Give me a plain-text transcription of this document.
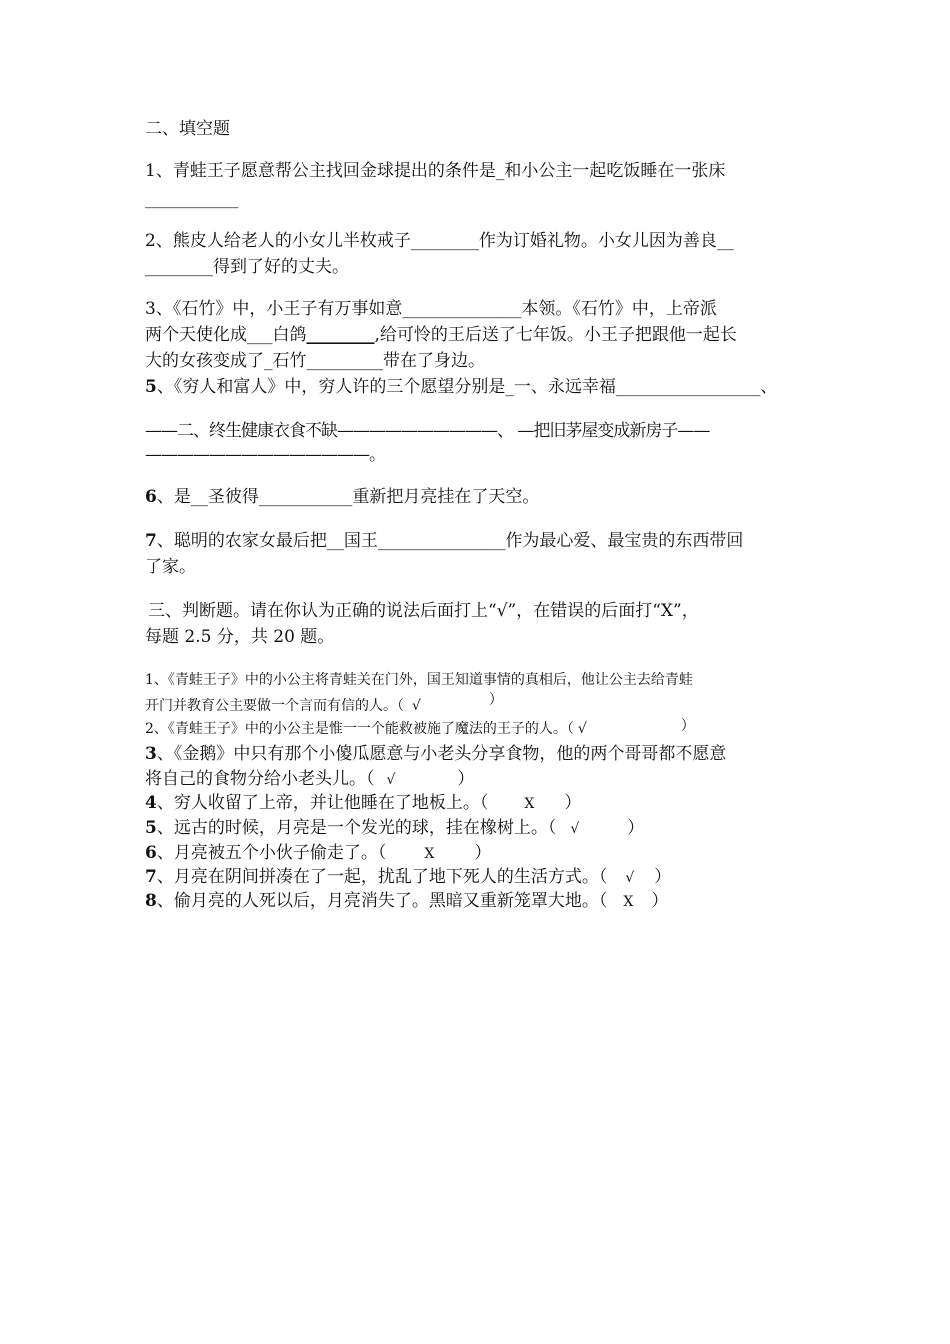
二、填空题
1、青蛙王子愿意帮公主找回金球提出的条件是_和小公主一起吃饭睡在一张床
___________
2、熊皮人给老人的小女儿半枚戒子________作为订婚礼物。小女儿因为善良__
________得到了好的丈夫。
3、《石竹》中，小王子有万事如意______________本领。《石竹》中，上帝派
两个天使化成___白鸽________,给可怜的王后送了七年饭。小王子把跟他一起长
大的女孩变成了_石竹_________带在了身边。
5、《穷人和富人》中，穷人许的三个愿望分别是_一、永远幸福_________________、
——二、终生健康衣食不缺——————————、 —把旧茅屋变成新房子——
——————————————。
6、是__圣彼得___________重新把月亮挂在了天空。
7、聪明的农家女最后把__国王_______________作为最心爱、最宝贵的东西带回
了家。
三、判断题。请在你认为正确的说法后面打上“√”，在错误的后面打“X”，
每题 2.5 分，共 20 题。
1、《青蛙王子》中的小公主将青蛙关在门外，国王知道事情的真相后，他让公主去给青蛙
开门并教育公主要做一个言而有信的人。（ √	）
2、《青蛙王子》中的小公主是惟一一个能救被施了魔法的王子的人。（ √	）
3、《金鹅》中只有那个小傻瓜愿意与小老头分享食物，他的两个哥哥都不愿意
将自己的食物分给小老头儿。（ √	）
4、穷人收留了上帝，并让他睡在了地板上。（	X ）
5、远古的时候，月亮是一个发光的球，挂在橡树上。（ √	）
6、月亮被五个小伙子偷走了。（	X ）
7、月亮在阴间拼凑在了一起，扰乱了地下死人的生活方式。（ √ ）
8、偷月亮的人死以后，月亮消失了。黑暗又重新笼罩大地。（ X ）
